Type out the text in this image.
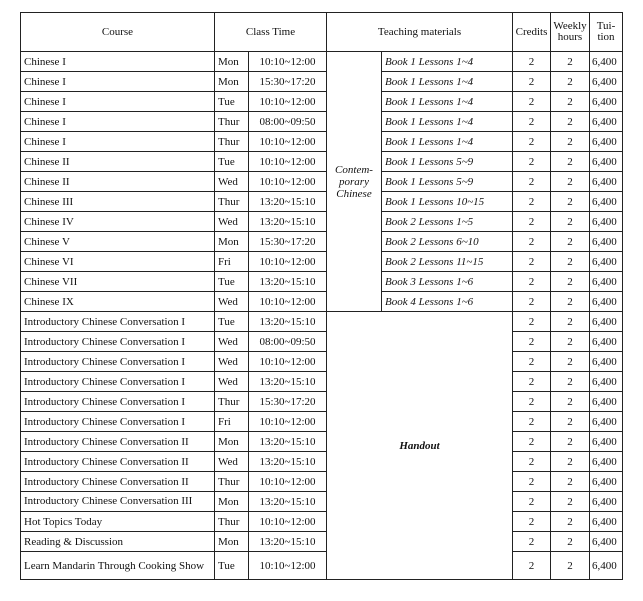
Course	Class Time		Teaching materials		Credits	Weekly hours	Tui- tion
Chinese I	Mon	10:10~12:00	Contem- porary Chinese	Book 1 Lessons 1~4	2	2	6,400
Chinese I	Mon	15:30~17:20		Book 1 Lessons 1~4	2	2	6,400
Chinese I	Tue	10:10~12:00		Book 1 Lessons 1~4	2	2	6,400
Chinese I	Thur	08:00~09:50		Book 1 Lessons 1~4	2	2	6,400
Chinese I	Thur	10:10~12:00		Book 1 Lessons 1~4	2	2	6,400
Chinese II	Tue	10:10~12:00		Book 1 Lessons 5~9	2	2	6,400
Chinese II	Wed	10:10~12:00		Book 1 Lessons 5~9	2	2	6,400
Chinese III	Thur	13:20~15:10		Book 1 Lessons 10~15	2	2	6,400
Chinese IV	Wed	13:20~15:10		Book 2 Lessons 1~5	2	2	6,400
Chinese V	Mon	15:30~17:20		Book 2 Lessons 6~10	2	2	6,400
Chinese VI	Fri	10:10~12:00		Book 2 Lessons 11~15	2	2	6,400
Chinese VII	Tue	13:20~15:10		Book 3 Lessons 1~6	2	2	6,400
Chinese IX	Wed	10:10~12:00		Book 4 Lessons 1~6	2	2	6,400
Introductory Chinese Conversation I	Tue	13:20~15:10	Handout		2	2	6,400
Introductory Chinese Conversation I	Wed	08:00~09:50			2	2	6,400
Introductory Chinese Conversation I	Wed	10:10~12:00			2	2	6,400
Introductory Chinese Conversation I	Wed	13:20~15:10			2	2	6,400
Introductory Chinese Conversation I	Thur	15:30~17:20			2	2	6,400
Introductory Chinese Conversation I	Fri	10:10~12:00			2	2	6,400
Introductory Chinese Conversation II	Mon	13:20~15:10			2	2	6,400
Introductory Chinese Conversation II	Wed	13:20~15:10			2	2	6,400
Introductory Chinese Conversation II	Thur	10:10~12:00			2	2	6,400
Introductory Chinese Conversation III	Mon	13:20~15:10			2	2	6,400
Hot Topics Today	Thur	10:10~12:00			2	2	6,400
Reading & Discussion	Mon	13:20~15:10			2	2	6,400
Learn Mandarin Through Cooking Show	Tue	10:10~12:00			2	2	6,400
